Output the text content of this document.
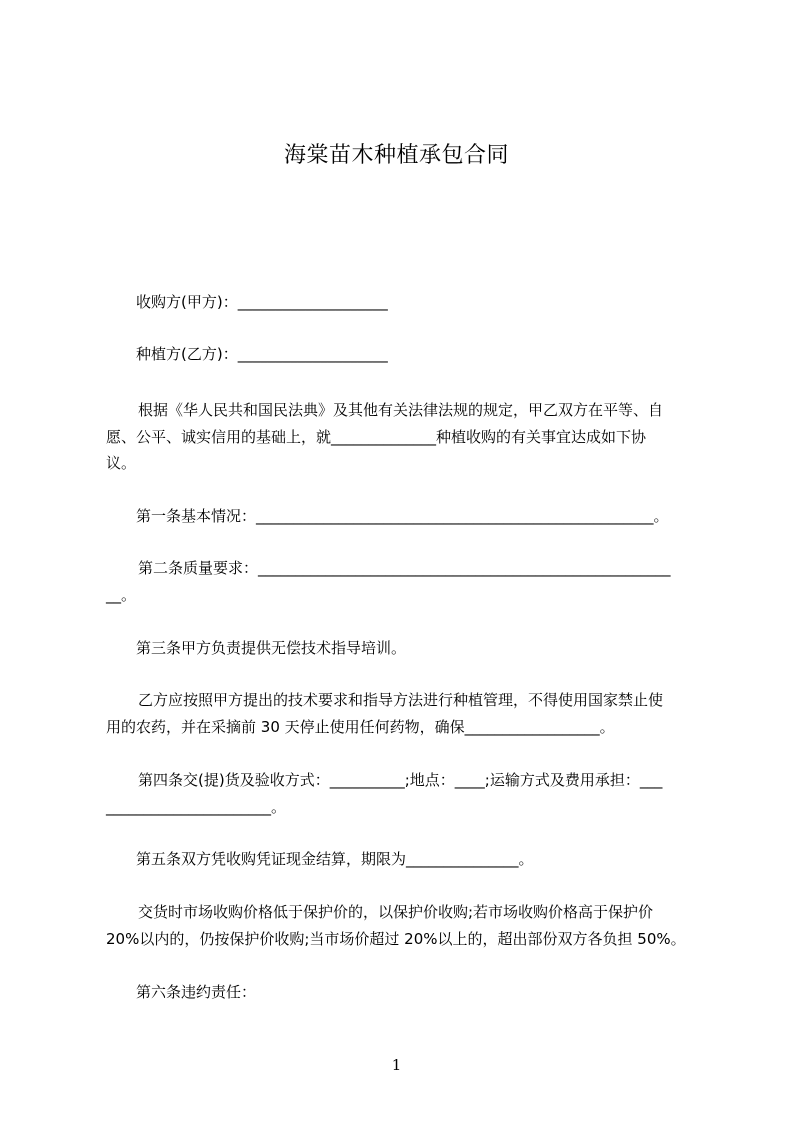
海棠苗木种植承包合同
收购方(甲方)：____________________
种植方(乙方)：____________________
根据《华人民共和国民法典》及其他有关法律法规的规定，甲乙双方在平等、自
愿、公平、诚实信用的基础上，就______________种植收购的有关事宜达成如下协
议。
第一条基本情况：_____________________________________________________。
第二条质量要求：_______________________________________________________
__。
第三条甲方负责提供无偿技术指导培训。
乙方应按照甲方提出的技术要求和指导方法进行种植管理，不得使用国家禁止使
用的农药，并在采摘前 30 天停止使用任何药物，确保__________________。
第四条交(提)货及验收方式：__________;地点：____;运输方式及费用承担：___
______________________。
第五条双方凭收购凭证现金结算，期限为_______________。
交货时市场收购价格低于保护价的，以保护价收购;若市场收购价格高于保护价
20%以内的，仍按保护价收购;当市场价超过 20%以上的，超出部份双方各负担 50%。
第六条违约责任：
1
